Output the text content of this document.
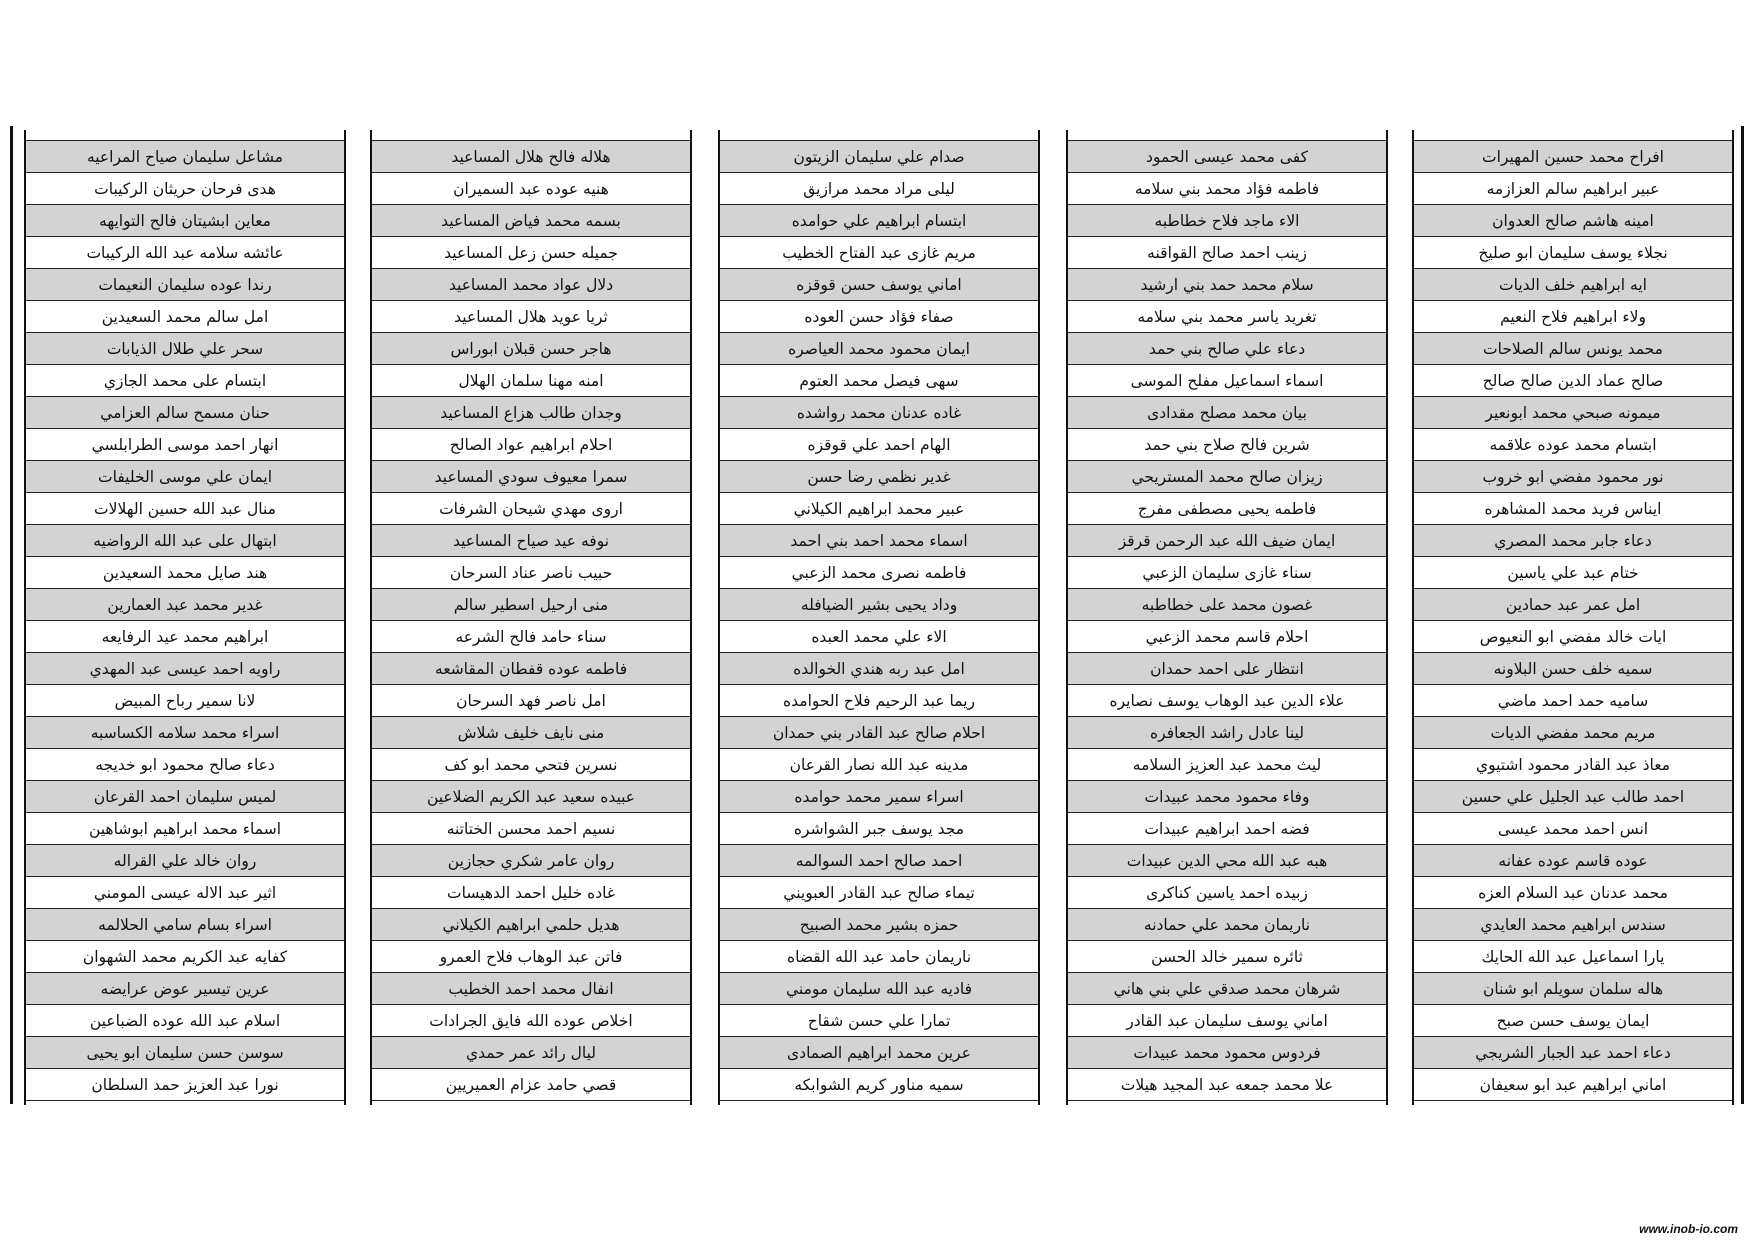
مشاعل سليمان صياح المراعيه
هدى فرحان حريثان الركيبات
معاين ابشيتان فالح التوايهه
عائشه سلامه عبد الله الركيبات
رندا عوده سليمان النعيمات
امل سالم محمد السعيدين
سحر علي طلال الذيابات
ابتسام على محمد الجازي
حنان مسمح سالم العزامي
انهار احمد موسى الطرابلسي
ايمان علي موسى الخليفات
منال عبد الله حسين الهلالات
ابتهال على عبد الله الرواضيه
هند صايل محمد السعيدين
غدير محمد عبد العمارين
ابراهيم محمد عيد الرفايعه
راويه احمد عيسى عبد المهدي
لانا سمير رباح المبيض
اسراء محمد سلامه الكساسبه
دعاء صالح محمود ابو خديجه
لميس سليمان احمد القرعان
اسماء محمد ابراهيم ابوشاهين
روان خالد علي القراله
اثير عبد الاله عيسى المومني
اسراء بسام سامي الحلالمه
كفايه عبد الكريم محمد الشهوان
عرين تيسير عوض عرايضه
اسلام عبد الله عوده الضباعين
سوسن حسن سليمان ابو يحيى
نورا عبد العزيز حمد السلطان
هلاله فالح هلال المساعيد
هنيه عوده عبد السميران
بسمه محمد فياض المساعيد
جميله حسن زعل المساعيد
دلال عواد محمد المساعيد
ثريا عويد هلال المساعيد
هاجر حسن قبلان ابوراس
امنه مهنا سلمان الهلال
وجدان طالب هزاع المساعيد
احلام ابراهيم عواد الصالح
سمرا معيوف سودي المساعيد
اروى مهدي شيحان الشرفات
نوفه عيد صياح المساعيد
حبيب ناصر عناد السرحان
منى ارحيل اسطير سالم
سناء حامد فالح الشرعه
فاطمه عوده قفطان المقاشعه
امل ناصر فهد السرحان
منى نايف خليف شلاش
نسرين فتحي محمد ابو كف
عبيده سعيد عبد الكريم الضلاعين
نسيم احمد محسن الختاتنه
روان عامر شكري حجازين
غاده خليل احمد الدهيسات
هديل حلمي ابراهيم الكيلاني
فاتن عبد الوهاب فلاح العمرو
انفال محمد احمد الخطيب
اخلاص عوده الله فايق الجرادات
ليال رائد عمر حمدي
قصي حامد عزام العميريين
صدام علي سليمان الزيتون
ليلى مراد محمد مرازيق
ابتسام ابراهيم علي حوامده
مريم غازى عبد الفتاح الخطيب
اماني يوسف حسن قوقزه
صفاء فؤاد حسن العوده
ايمان محمود محمد العياصره
سهى فيصل محمد العتوم
غاده عدنان محمد رواشده
الهام احمد علي قوقزه
غدير نظمي رضا حسن
عبير محمد ابراهيم الكيلاني
اسماء محمد احمد بني احمد
فاطمه نصرى محمد الزعبي
وداد يحيى بشير الضيافله
الاء علي محمد العبده
امل عبد ربه هندي الخوالده
ريما عبد الرحيم فلاح الحوامده
احلام صالح عبد القادر بني حمدان
مدينه عبد الله نصار القرعان
اسراء سمير محمد حوامده
مجد يوسف جبر الشواشره
احمد صالح احمد السوالمه
تيماء صالح عبد القادر العبويني
حمزه بشير محمد الصبيح
ناريمان حامد عبد الله القضاه
فاديه عبد الله سليمان مومني
تمارا علي حسن شقاح
عرين محمد ابراهيم الصمادى
سميه مناور كريم الشوابكه
كفى محمد عيسى الحمود
فاطمه فؤاد محمد بني سلامه
الاء ماجد فلاح خطاطبه
زينب احمد صالح القواقنه
سلام محمد حمد بني ارشيد
تغريد ياسر محمد بني سلامه
دعاء علي صالح بني حمد
اسماء اسماعيل مفلح الموسى
بيان محمد مصلح مقدادى
شرين فالح صلاح بني حمد
زيزان صالح محمد المستريحي
فاطمه يحيى مصطفى مفرج
ايمان ضيف الله عبد الرحمن قرقز
سناء غازى سليمان الزعبي
غصون محمد على خطاطبه
احلام قاسم محمد الزعبي
انتظار على احمد حمدان
علاء الدين عبد الوهاب يوسف نصايره
لينا عادل راشد الجعافره
ليث محمد عبد العزيز السلامه
وفاء محمود محمد عبيدات
فضه احمد ابراهيم عبيدات
هبه عبد الله محي الدين عبيدات
زبيده احمد ياسين كناكرى
ناريمان محمد علي حمادنه
ثائره سمير خالد الحسن
شرهان محمد صدقي علي بني هاني
اماني يوسف سليمان عبد القادر
فردوس محمود محمد عبيدات
علا محمد جمعه عبد المجيد هيلات
افراح محمد حسين المهيرات
عبير ابراهيم سالم العزازمه
امينه هاشم صالح العدوان
نجلاء يوسف سليمان ابو صليخ
ايه ابراهيم خلف الديات
ولاء ابراهيم فلاح النعيم
محمد يونس سالم الصلاحات
صالح عماد الدين صالح صالح
ميمونه صبحي محمد ابونعير
ابتسام محمد عوده علاقمه
نور محمود مفضي ابو خروب
ايناس فريد محمد المشاهره
دعاء جابر محمد المصري
ختام عبد علي ياسين
امل عمر عبد حمادين
ايات خالد مفضي ابو النعيوص
سميه خلف حسن البلاونه
ساميه حمد احمد ماضي
مريم محمد مفضي الديات
معاذ عبد القادر محمود اشتيوي
احمد طالب عبد الجليل علي حسين
انس احمد محمد عيسى
عوده قاسم عوده عفانه
محمد عدنان عبد السلام العزه
سندس ابراهيم محمد العايدي
يارا اسماعيل عبد الله الحايك
هاله سلمان سويلم ابو شنان
ايمان يوسف حسن صبح
دعاء احمد عبد الجبار الشريجي
اماني ابراهيم عبد ابو سعيفان
www.inob-io.com
